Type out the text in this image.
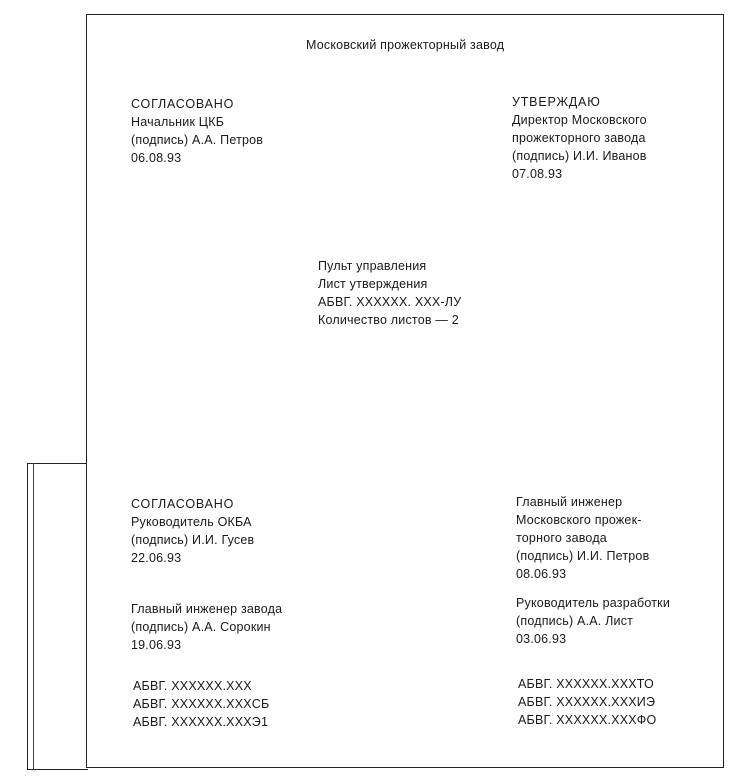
Московский прожекторный завод
СОГЛАСОВАНО
Начальник ЦКБ
(подпись) А.А. Петров
06.08.93
УТВЕРЖДАЮ
Директор Московского
прожекторного завода
(подпись) И.И. Иванов
07.08.93
Пульт управления
Лист утверждения
АБВГ. XXXXXX. XXX-ЛУ
Количество листов — 2
СОГЛАСОВАНО
Руководитель ОКБА
(подпись) И.И. Гусев
22.06.93
Главный инженер завода
(подпись) А.А. Сорокин
19.06.93
Главный инженер
Московского прожек-
торного завода
(подпись) И.И. Петров
08.06.93
Руководитель разработки
(подпись) А.А. Лист
03.06.93
АБВГ. XXXXXX.XXX
АБВГ. XXXXXX.XXXСБ
АБВГ. XXXXXX.XXXЭ1
АБВГ. XXXXXX.XXXТО
АБВГ. XXXXXX.XXXИЭ
АБВГ. XXXXXX.XXXФО
